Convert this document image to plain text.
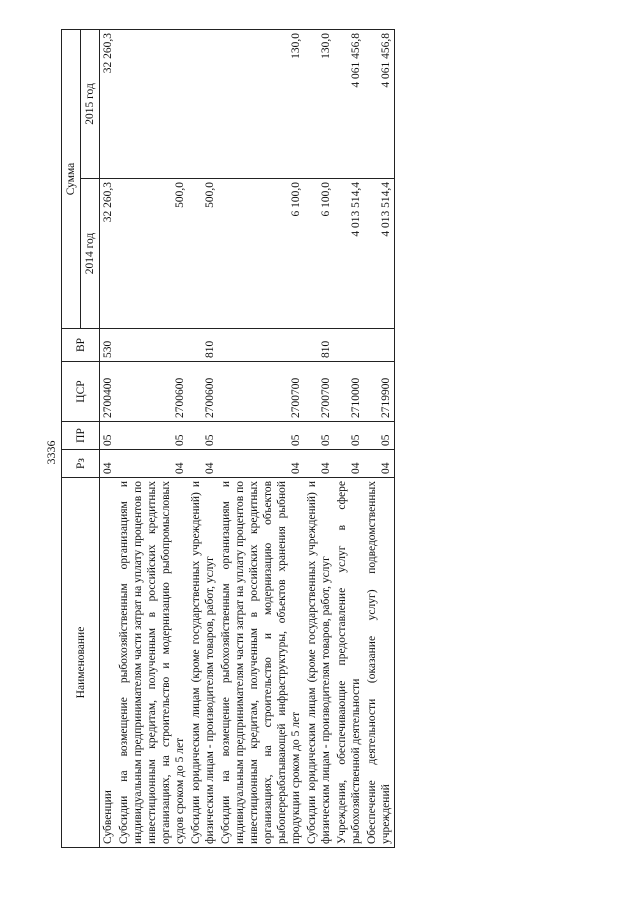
3336
Наименование	Рз	ПР	ЦСР	ВР	Сумма	
					2014 год	2015 год
Субвенции	04	05	2700400	530	32 260,3	32 260,3
Субсидии на возмещение рыбохозяйственным организациям и индивидуальным предпринимателям части затрат на уплату процентов по инвестиционным кредитам, полученным в российских кредитных организациях, на строительство и модернизацию рыбопромысловых судов сроком до 5 лет	04	05	2700600		500,0	
Субсидии юридическим лицам (кроме государственных учреждений) и физическим лицам - производителям товаров, работ, услуг	04	05	2700600	810	500,0	
Субсидии на возмещение рыбохозяйственным организациям и индивидуальным предпринимателям части затрат на уплату процентов по инвестиционным кредитам, полученным в российских кредитных организациях, на строительство и модернизацию объектов рыбоперерабатывающей инфраструктуры, объектов хранения рыбной продукции сроком до 5 лет	04	05	2700700		6 100,0	130,0
Субсидии юридическим лицам (кроме государственных учреждений) и физическим лицам - производителям товаров, работ, услуг	04	05	2700700	810	6 100,0	130,0
Учреждения, обеспечивающие предоставление услуг в сфере рыбохозяйственной деятельности	04	05	2710000		4 013 514,4	4 061 456,8
Обеспечение деятельности (оказание услуг) подведомственных учреждений	04	05	2719900		4 013 514,4	4 061 456,8
